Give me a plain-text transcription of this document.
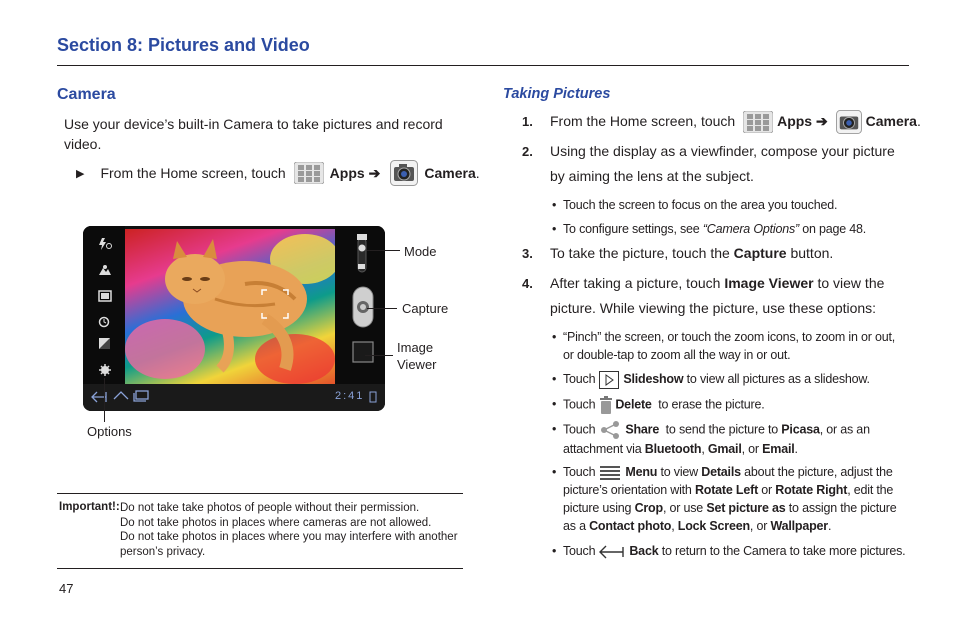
Section 8: Pictures and Video
Camera
Use your device’s built-in Camera to take pictures and record video.
▶ From the Home screen, touch	Apps ➔	Camera .
2:41
Mode
Capture
Image
Viewer
Options
Important!: Do not take take photos of people without their permission.
Do not take photos in places where cameras are not allowed.
Do not take photos in places where you may interfere with another person’s privacy.
47
Taking Pictures
1. From the Home screen, touch	Apps ➔	Camera.
2. Using the display as a viewfinder, compose your picture by aiming the lens at the subject.
• Touch the screen to focus on the area you touched.
• To configure settings, see “Camera Options” on page 48.
3. To take the picture, touch the Capture button.
4. After taking a picture, touch Image Viewer to view the picture. While viewing the picture, use these options:
• “Pinch” the screen, or touch the zoom icons, to zoom in or out, or double-tap to zoom all the way in or out.
• Touch Slideshow to view all pictures as a slideshow.
• Touch Delete  to erase the picture.
• Touch Share  to send the picture to Picasa, or as an attachment via Bluetooth, Gmail, or Email.
• Touch Menu to view Details about the picture, adjust the picture’s orientation with Rotate Left or Rotate Right, edit the picture using Crop, or use Set picture as to assign the picture as a Contact photo, Lock Screen, or Wallpaper.
• Touch	Back to return to the Camera to take more pictures.
